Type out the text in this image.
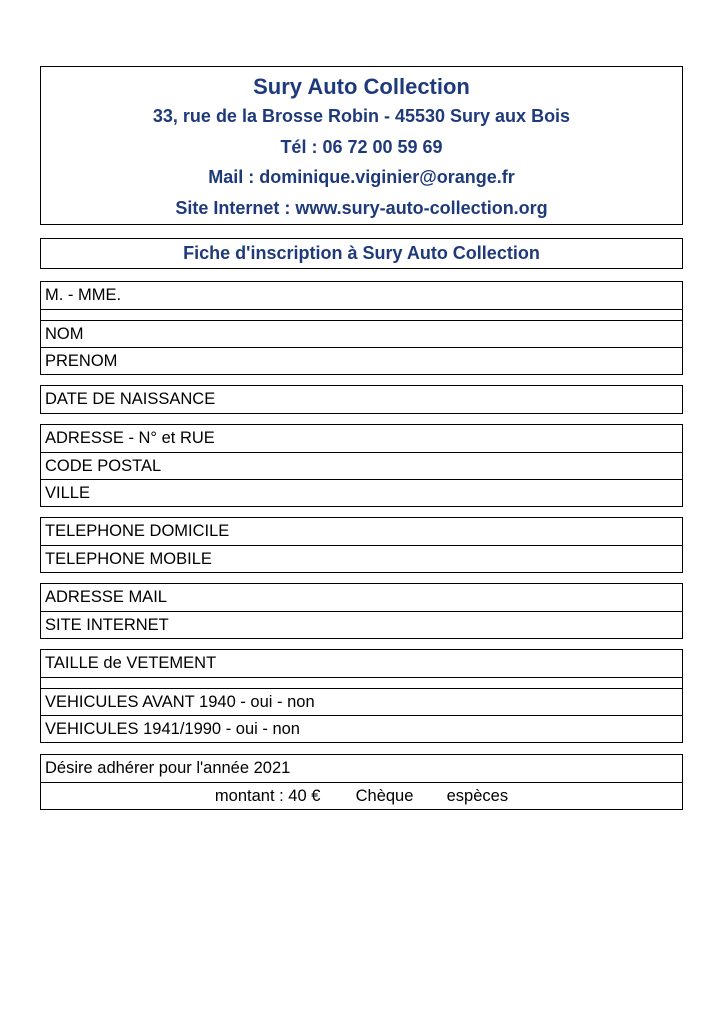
Sury Auto Collection
33, rue de la Brosse Robin - 45530 Sury aux Bois
Tél : 06 72 00 59 69
Mail : dominique.viginier@orange.fr
Site Internet : www.sury-auto-collection.org
Fiche d'inscription à Sury Auto Collection
M. - MME.
NOM
PRENOM
DATE DE NAISSANCE
ADRESSE - N° et RUE
CODE POSTAL
VILLE
TELEPHONE DOMICILE
TELEPHONE MOBILE
ADRESSE MAIL
SITE INTERNET
TAILLE de VETEMENT
VEHICULES AVANT 1940 - oui - non
VEHICULES 1941/1990 - oui - non
Désire adhérer pour l'année 2021
montant : 40 € Chèque espèces
